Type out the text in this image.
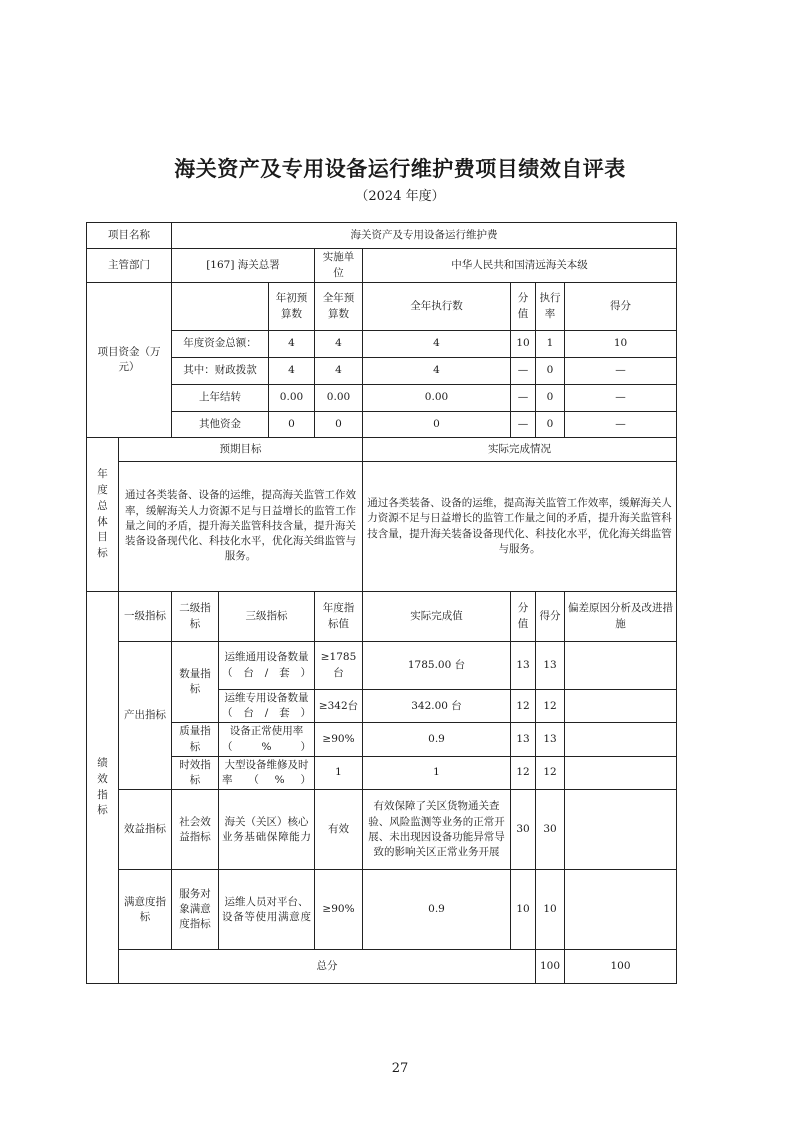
海关资产及专用设备运行维护费项目绩效自评表
（2024 年度）
项目名称		海关资产及专用设备运行维护费								
主管部门		[167] 海关总署			实施单位	中华人民共和国清远海关本级				
项目资金（万元）				年初预算数	全年预算数	全年执行数	分值	执行率	得分	
		年度资金总额：		4	4	4	10	1	10	
		其中：财政拨款		4	4	4	—	0	—	
		上年结转		0.00	0.00	0.00	—	0	—	
		其他资金		0	0	0	—	0	—	

年度总体目标	预期目标					实际完成情况				
	通过各类装备、设备的运维，提高海关监管工作效率，缓解海关人力资源不足与日益增长的监管工作量之间的矛盾，提升海关监管科技含量，提升海关装备设备现代化、科技化水平，优化海关缉监管与服务。					通过各类装备、设备的运维，提高海关监管工作效率，缓解海关人力资源不足与日益增长的监管工作量之间的矛盾，提升海关监管科技含量，提升海关装备设备现代化、科技化水平，优化海关缉监管与服务。				

绩效指标	一级指标	二级指标	三级指标		年度指标值	实际完成值	分值	得分	偏差原因分析及改进措施	
	产出指标	数量指标	运维通用设备数量（台/套）		≥1785台	1785.00 台	13	13		
			运维专用设备数量（台/套）		≥342台	342.00 台	12	12		
		质量指标	设备正常使用率（%）		≥90%	0.9	13	13		
		时效指标	大型设备维修及时率（%）		1	1	12	12		
	效益指标	社会效益指标	海关（关区）核心业务基础保障能力		有效	有效保障了关区货物通关查验、风险监测等业务的正常开展、未出现因设备功能异常导致的影响关区正常业务开展	30	30		
	满意度指标	服务对象满意度指标	运维人员对平台、设备等使用满意度		≥90%	0.9	10	10		
	总分							100	100	
27
